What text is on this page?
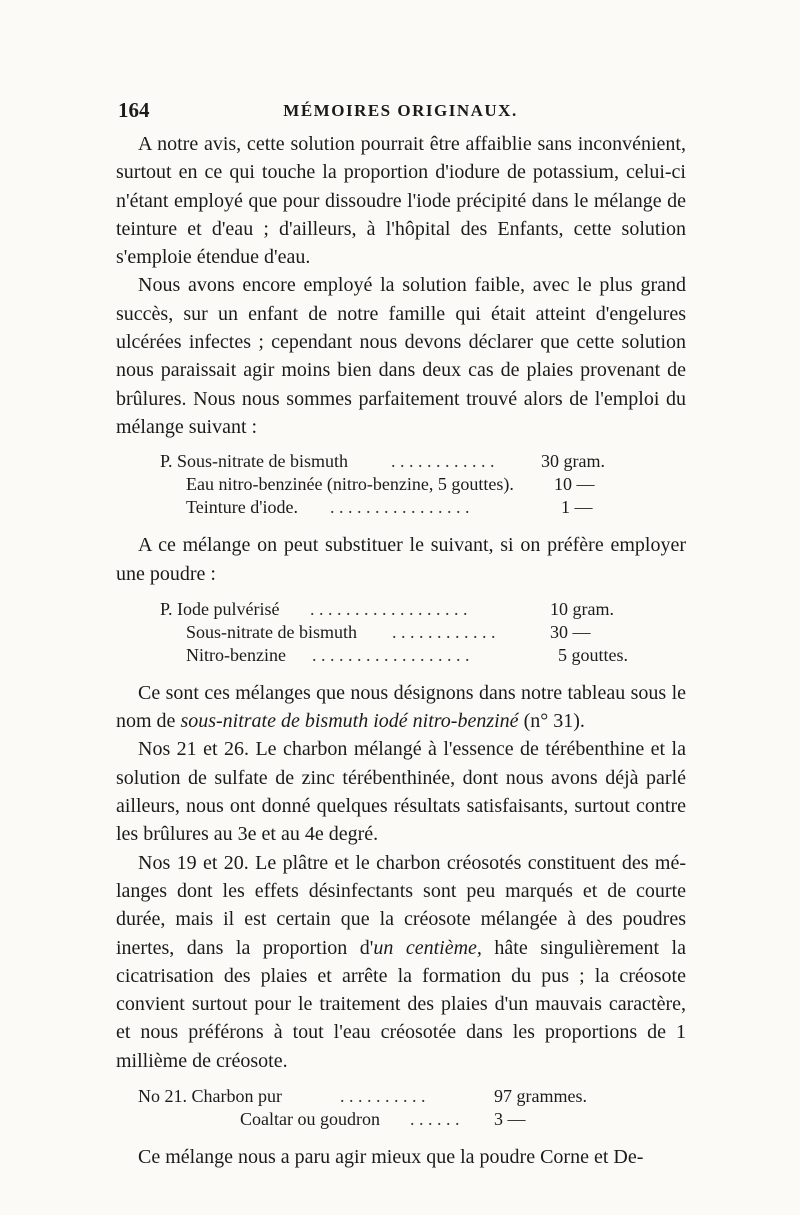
164	MÉMOIRES ORIGINAUX.

A notre avis, cette solution pourrait être affaiblie sans inconvénient, surtout en ce qui touche la proportion d'iodure de potassium, celui-ci n'étant employé que pour dissoudre l'iode précipité dans le mélange de teinture et d'eau ; d'ailleurs, à l'hôpital des Enfants, cette solution s'emploie étendue d'eau.

Nous avons encore employé la solution faible, avec le plus grand succès, sur un enfant de notre famille qui était atteint d'engelures ulcérées infectes ; cependant nous devons déclarer que cette solution nous paraissait agir moins bien dans deux cas de plaies provenant de brûlures. Nous nous sommes parfaitement trouvé alors de l'emploi du mélange suivant :

P. Sous-nitrate de bismuth . . . . . . . . . . . .	30 gram.
Eau nitro-benzinée (nitro-benzine, 5 gouttes). 10 —
Teinture d'iode. . . . . . . . . . . . . . . . .	1 —

A ce mélange on peut substituer le suivant, si on préfère employer une poudre :

P. Iode pulvérisé . . . . . . . . . . . . . . . . . .	10 gram.
Sous-nitrate de bismuth . . . . . . . . . . . .	30 —
Nitro-benzine . . . . . . . . . . . . . . . . . .	5 gouttes.

Ce sont ces mélanges que nous désignons dans notre tableau sous le nom de sous-nitrate de bismuth iodé nitro-benziné (n° 31).

Nos 21 et 26. Le charbon mélangé à l'essence de térébenthine et la solution de sulfate de zinc térébenthinée, dont nous avons déjà parlé ailleurs, nous ont donné quelques résultats satisfaisants, surtout contre les brûlures au 3e et au 4e degré.

Nos 19 et 20. Le plâtre et le charbon créosotés constituent des mélanges dont les effets désinfectants sont peu marqués et de courte durée, mais il est certain que la créosote mélangée à des poudres inertes, dans la proportion d'un centième, hâte singulièrement la cicatrisation des plaies et arrête la formation du pus ; la créosote convient surtout pour le traitement des plaies d'un mauvais caractère, et nous préférons à tout l'eau créosotée dans les proportions de 1 millième de créosote.

No 21. Charbon pur	. . . . . . . . . .	97 grammes.
Coaltar ou goudron . . . . . . 3 —

Ce mélange nous a paru agir mieux que la poudre Corne et De-
